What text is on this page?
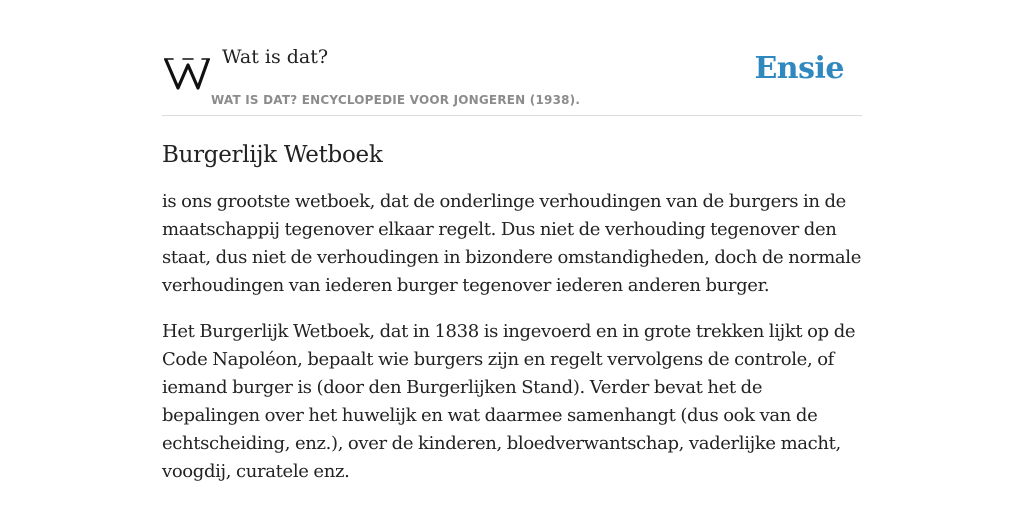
Wat is dat?
WAT IS DAT? ENCYCLOPEDIE VOOR JONGEREN (1938).
Ensie
Burgerlijk Wetboek

is ons grootste wetboek, dat de onderlinge verhoudingen van de burgers in de maatschappij tegenover elkaar regelt. Dus niet de verhouding tegenover den staat, dus niet de verhoudingen in bizondere omstandigheden, doch de normale verhoudingen van iederen burger tegenover iederen anderen burger.

Het Burgerlijk Wetboek, dat in 1838 is ingevoerd en in grote trekken lijkt op de Code Napoléon, bepaalt wie burgers zijn en regelt vervolgens de controle, of iemand burger is (door den Burgerlijken Stand). Verder bevat het de bepalingen over het huwelijk en wat daarmee samenhangt (dus ook van de echtscheiding, enz.), over de kinderen, bloedverwantschap, vaderlijke macht, voogdij, curatele enz.
